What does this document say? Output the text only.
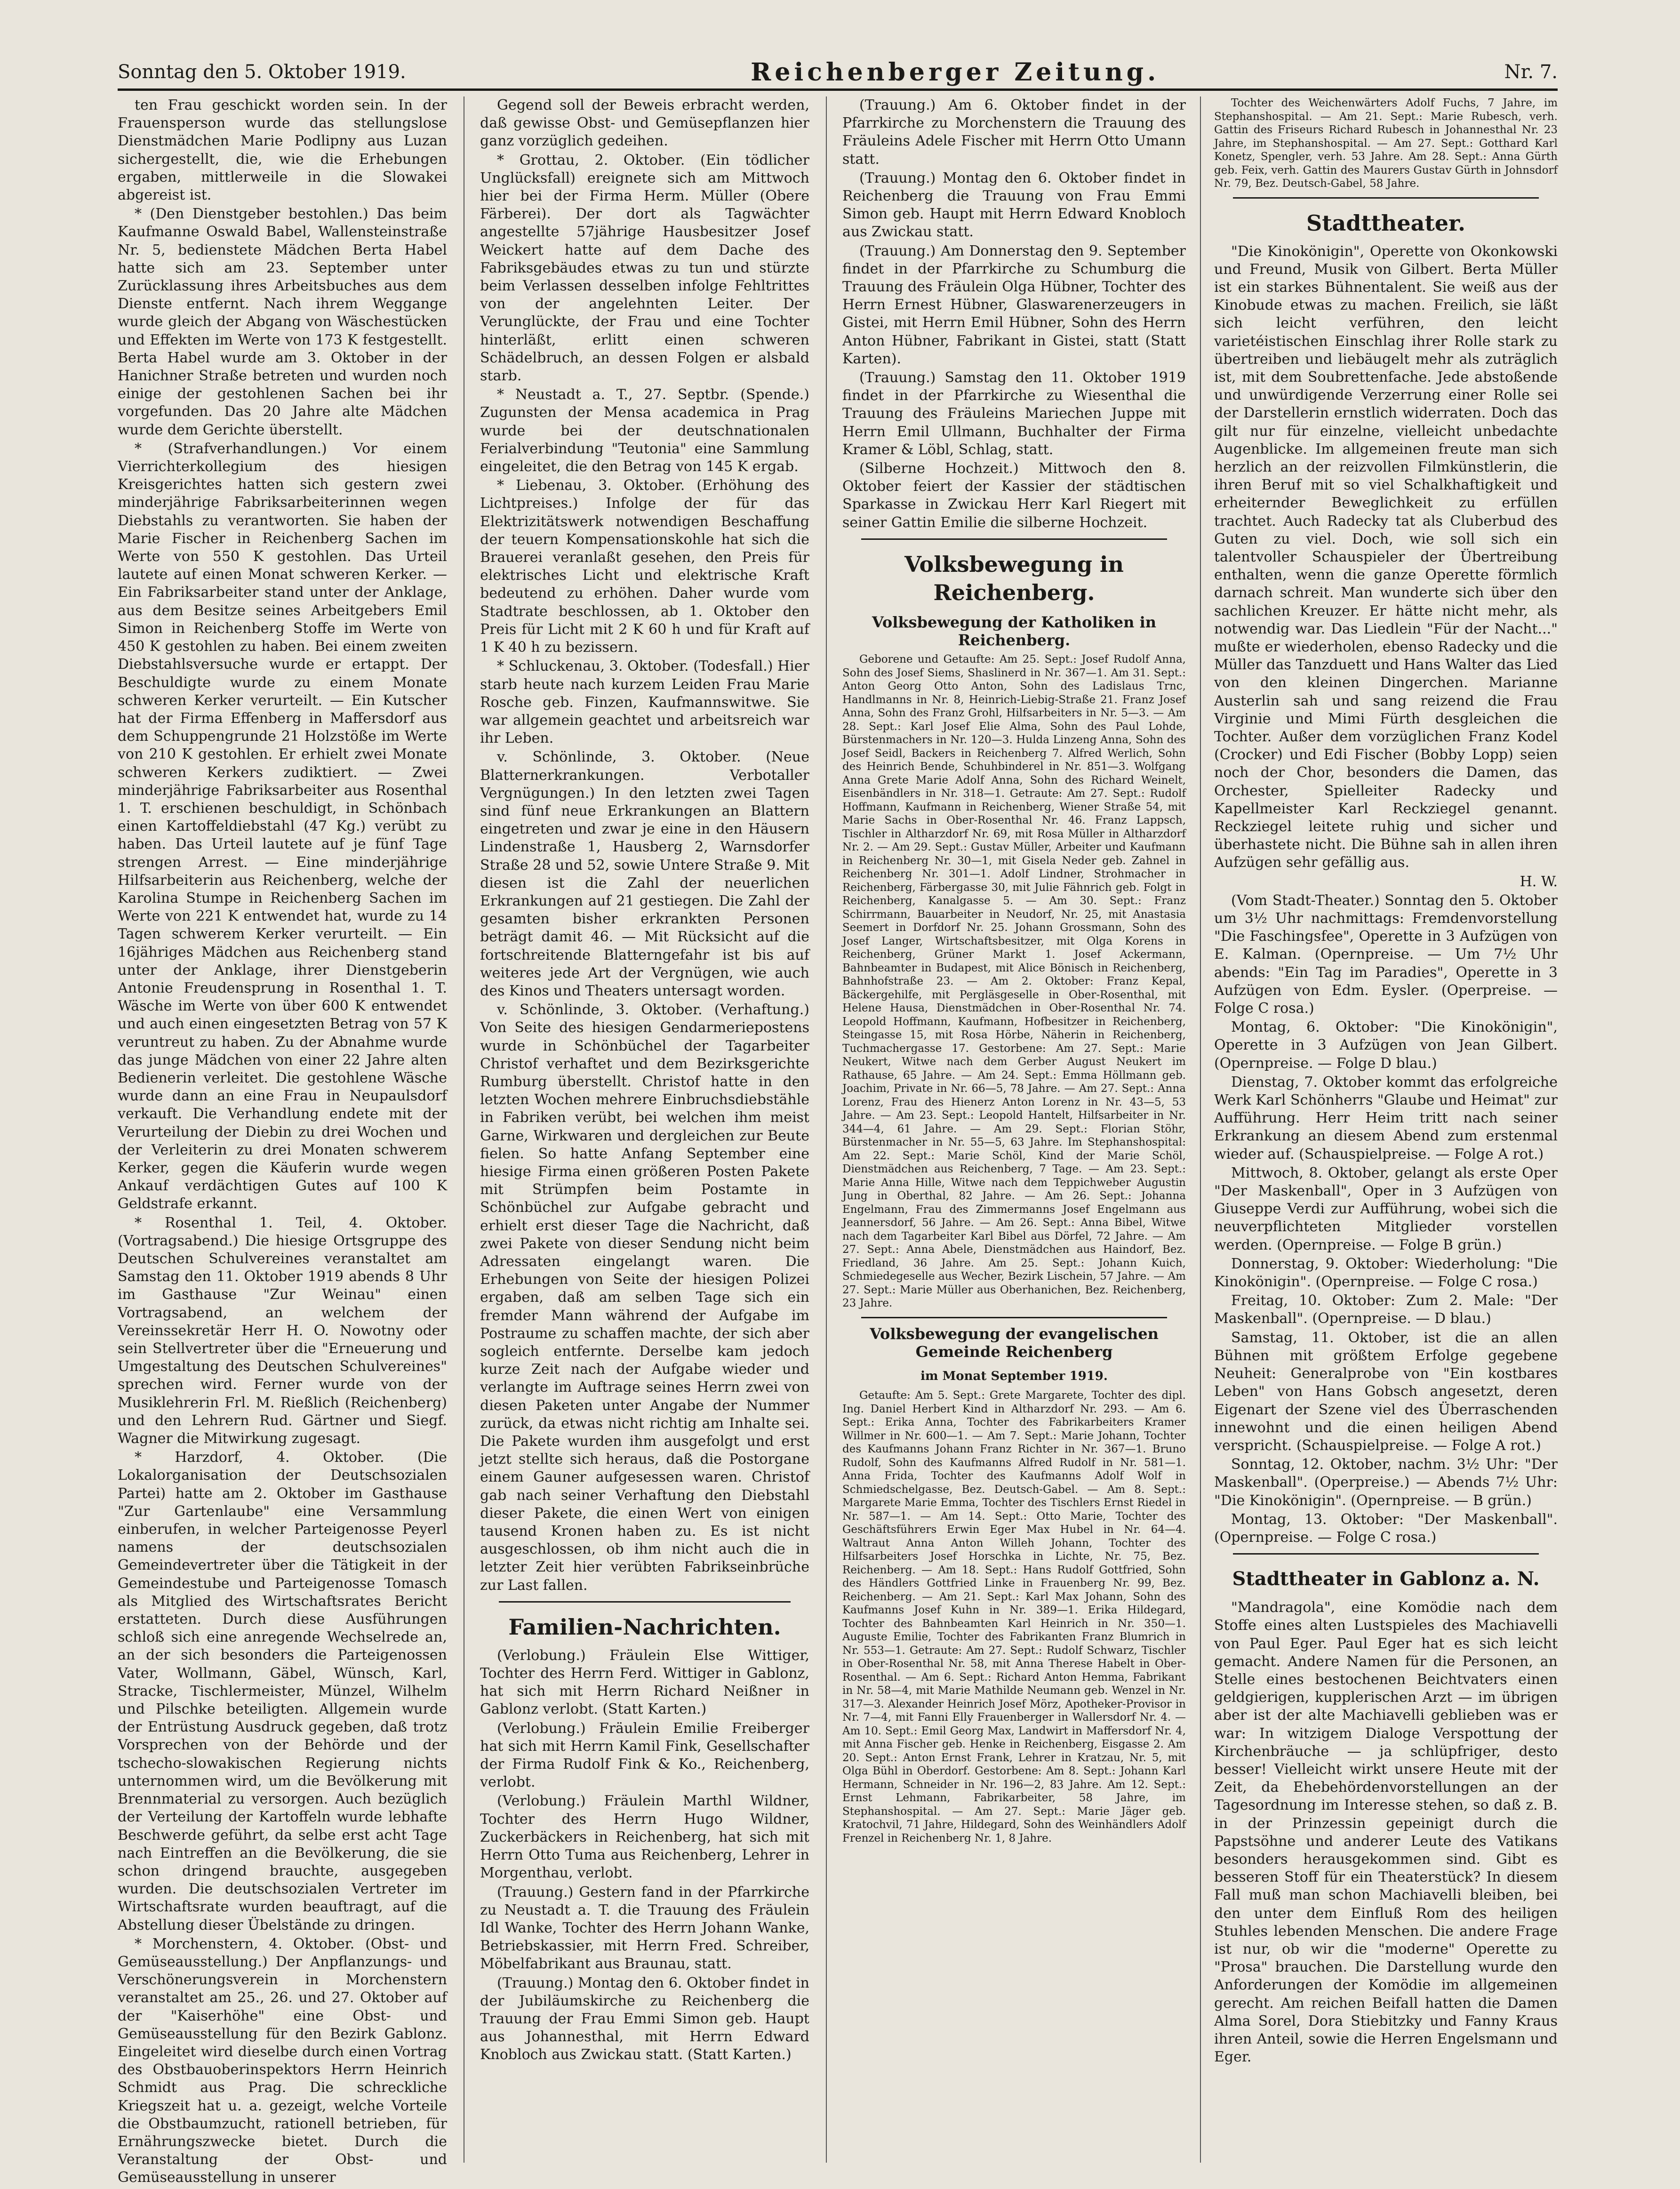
Sonntag den 5. Oktober 1919.	Reichenberger Zeitung.	Nr. 7.

ten Frau geschickt worden sein. In der Frauensperson wurde das stellungslose Dienstmädchen Marie Podlipny aus Luzan sichergestellt, die, wie die Erhebungen ergaben, mittlerweile in die Slowakei abgereist ist.

* (Den Dienstgeber bestohlen.) Das beim Kaufmanne Oswald Babel, Wallensteinstraße Nr. 5, bedienstete Mädchen Berta Habel hatte sich am 23. September unter Zurücklassung ihres Arbeitsbuches aus dem Dienste entfernt. Nach ihrem Weggange wurde gleich der Abgang von Wäschestücken und Effekten im Werte von 173 K festgestellt. Berta Habel wurde am 3. Oktober in der Hanichner Straße betreten und wurden noch einige der gestohlenen Sachen bei ihr vorgefunden. Das 20 Jahre alte Mädchen wurde dem Gerichte überstellt.

* (Strafverhandlungen.) Vor einem Vierrichterkollegium des hiesigen Kreisgerichtes hatten sich gestern zwei minderjährige Fabriksarbeiterinnen wegen Diebstahls zu verantworten. Sie haben der Marie Fischer in Reichenberg Sachen im Werte von 550 K gestohlen. Das Urteil lautete auf einen Monat schweren Kerker. — Ein Fabriksarbeiter stand unter der Anklage, aus dem Besitze seines Arbeitgebers Emil Simon in Reichenberg Stoffe im Werte von 450 K gestohlen zu haben. Bei einem zweiten Diebstahlsversuche wurde er ertappt. Der Beschuldigte wurde zu einem Monate schweren Kerker verurteilt. — Ein Kutscher hat der Firma Effenberg in Maffersdorf aus dem Schuppengrunde 21 Holzstöße im Werte von 210 K gestohlen. Er erhielt zwei Monate schweren Kerkers zudiktiert. — Zwei minderjährige Fabriksarbeiter aus Rosenthal 1. T. erschienen beschuldigt, in Schönbach einen Kartoffeldiebstahl (47 Kg.) verübt zu haben. Das Urteil lautete auf je fünf Tage strengen Arrest. — Eine minderjährige Hilfsarbeiterin aus Reichenberg, welche der Karolina Stumpe in Reichenberg Sachen im Werte von 221 K entwendet hat, wurde zu 14 Tagen schwerem Kerker verurteilt. — Ein 16jähriges Mädchen aus Reichenberg stand unter der Anklage, ihrer Dienstgeberin Antonie Freudensprung in Rosenthal 1. T. Wäsche im Werte von über 600 K entwendet und auch einen eingesetzten Betrag von 57 K veruntreut zu haben. Zu der Abnahme wurde das junge Mädchen von einer 22 Jahre alten Bedienerin verleitet. Die gestohlene Wäsche wurde dann an eine Frau in Neupaulsdorf verkauft. Die Verhandlung endete mit der Verurteilung der Diebin zu drei Wochen und der Verleiterin zu drei Monaten schwerem Kerker, gegen die Käuferin wurde wegen Ankauf verdächtigen Gutes auf 100 K Geldstrafe erkannt.

* Rosenthal 1. Teil, 4. Oktober. (Vortragsabend.) Die hiesige Ortsgruppe des Deutschen Schulvereines veranstaltet am Samstag den 11. Oktober 1919 abends 8 Uhr im Gasthause "Zur Weinau" einen Vortragsabend, an welchem der Vereinssekretär Herr H. O. Nowotny oder sein Stellvertreter über die "Erneuerung und Umgestaltung des Deutschen Schulvereines" sprechen wird. Ferner wurde von der Musiklehrerin Frl. M. Rießlich (Reichenberg) und den Lehrern Rud. Gärtner und Siegf. Wagner die Mitwirkung zugesagt.

* Harzdorf, 4. Oktober. (Die Lokalorganisation der Deutschsozialen Partei) hatte am 2. Oktober im Gasthause "Zur Gartenlaube" eine Versammlung einberufen, in welcher Parteigenosse Peyerl namens der deutschsozialen Gemeindevertreter über die Tätigkeit in der Gemeindestube und Parteigenosse Tomasch als Mitglied des Wirtschaftsrates Bericht erstatteten. Durch diese Ausführungen schloß sich eine anregende Wechselrede an, an der sich besonders die Parteigenossen Vater, Wollmann, Gäbel, Wünsch, Karl, Stracke, Tischlermeister, Münzel, Wilhelm und Pilschke beteiligten. Allgemein wurde der Entrüstung Ausdruck gegeben, daß trotz Vorsprechen von der Behörde und der tschecho-slowakischen Regierung nichts unternommen wird, um die Bevölkerung mit Brennmaterial zu versorgen. Auch bezüglich der Verteilung der Kartoffeln wurde lebhafte Beschwerde geführt, da selbe erst acht Tage nach Eintreffen an die Bevölkerung, die sie schon dringend brauchte, ausgegeben wurden. Die deutschsozialen Vertreter im Wirtschaftsrate wurden beauftragt, auf die Abstellung dieser Übelstände zu dringen.

* Morchenstern, 4. Oktober. (Obst- und Gemüseausstellung.) Der Anpflanzungs- und Verschönerungsverein in Morchenstern veranstaltet am 25., 26. und 27. Oktober auf der "Kaiserhöhe" eine Obst- und Gemüseausstellung für den Bezirk Gablonz. Eingeleitet wird dieselbe durch einen Vortrag des Obstbauoberinspektors Herrn Heinrich Schmidt aus Prag. Die schreckliche Kriegszeit hat u. a. gezeigt, welche Vorteile die Obstbaumzucht, rationell betrieben, für Ernährungszwecke bietet. Durch die Veranstaltung der Obst- und Gemüseausstellung in unserer

Gegend soll der Beweis erbracht werden, daß gewisse Obst- und Gemüsepflanzen hier ganz vorzüglich gedeihen.

* Grottau, 2. Oktober. (Ein tödlicher Unglücksfall) ereignete sich am Mittwoch hier bei der Firma Herm. Müller (Obere Färberei). Der dort als Tagwächter angestellte 57jährige Hausbesitzer Josef Weickert hatte auf dem Dache des Fabriksgebäudes etwas zu tun und stürzte beim Verlassen desselben infolge Fehltrittes von der angelehnten Leiter. Der Verunglückte, der Frau und eine Tochter hinterläßt, erlitt einen schweren Schädelbruch, an dessen Folgen er alsbald starb.

* Neustadt a. T., 27. Septbr. (Spende.) Zugunsten der Mensa academica in Prag wurde bei der deutschnationalen Ferialverbindung "Teutonia" eine Sammlung eingeleitet, die den Betrag von 145 K ergab.

* Liebenau, 3. Oktober. (Erhöhung des Lichtpreises.) Infolge der für das Elektrizitätswerk notwendigen Beschaffung der teuern Kompensationskohle hat sich die Brauerei veranlaßt gesehen, den Preis für elektrisches Licht und elektrische Kraft bedeutend zu erhöhen. Daher wurde vom Stadtrate beschlossen, ab 1. Oktober den Preis für Licht mit 2 K 60 h und für Kraft auf 1 K 40 h zu bezissern.

* Schluckenau, 3. Oktober. (Todesfall.) Hier starb heute nach kurzem Leiden Frau Marie Rosche geb. Finzen, Kaufmannswitwe. Sie war allgemein geachtet und arbeitsreich war ihr Leben.

v. Schönlinde, 3. Oktober. (Neue Blatternerkrankungen. Verbotaller Vergnügungen.) In den letzten zwei Tagen sind fünf neue Erkrankungen an Blattern eingetreten und zwar je eine in den Häusern Lindenstraße 1, Hausberg 2, Warnsdorfer Straße 28 und 52, sowie Untere Straße 9. Mit diesen ist die Zahl der neuerlichen Erkrankungen auf 21 gestiegen. Die Zahl der gesamten bisher erkrankten Personen beträgt damit 46. — Mit Rücksicht auf die fortschreitende Blatterngefahr ist bis auf weiteres jede Art der Vergnügen, wie auch des Kinos und Theaters untersagt worden.

v. Schönlinde, 3. Oktober. (Verhaftung.) Von Seite des hiesigen Gendarmeriepostens wurde in Schönbüchel der Tagarbeiter Christof verhaftet und dem Bezirksgerichte Rumburg überstellt. Christof hatte in den letzten Wochen mehrere Einbruchsdiebstähle in Fabriken verübt, bei welchen ihm meist Garne, Wirkwaren und dergleichen zur Beute fielen. So hatte Anfang September eine hiesige Firma einen größeren Posten Pakete mit Strümpfen beim Postamte in Schönbüchel zur Aufgabe gebracht und erhielt erst dieser Tage die Nachricht, daß zwei Pakete von dieser Sendung nicht beim Adressaten eingelangt waren. Die Erhebungen von Seite der hiesigen Polizei ergaben, daß am selben Tage sich ein fremder Mann während der Aufgabe im Postraume zu schaffen machte, der sich aber sogleich entfernte. Derselbe kam jedoch kurze Zeit nach der Aufgabe wieder und verlangte im Auftrage seines Herrn zwei von diesen Paketen unter Angabe der Nummer zurück, da etwas nicht richtig am Inhalte sei. Die Pakete wurden ihm ausgefolgt und erst jetzt stellte sich heraus, daß die Postorgane einem Gauner aufgesessen waren. Christof gab nach seiner Verhaftung den Diebstahl dieser Pakete, die einen Wert von einigen tausend Kronen haben zu. Es ist nicht ausgeschlossen, ob ihm nicht auch die in letzter Zeit hier verübten Fabrikseinbrüche zur Last fallen.

Familien-Nachrichten.

(Verlobung.) Fräulein Else Wittiger, Tochter des Herrn Ferd. Wittiger in Gablonz, hat sich mit Herrn Richard Neißner in Gablonz verlobt. (Statt Karten.)

(Verlobung.) Fräulein Emilie Freiberger hat sich mit Herrn Kamil Fink, Gesellschafter der Firma Rudolf Fink & Ko., Reichenberg, verlobt.

(Verlobung.) Fräulein Marthl Wildner, Tochter des Herrn Hugo Wildner, Zuckerbäckers in Reichenberg, hat sich mit Herrn Otto Tuma aus Reichenberg, Lehrer in Morgenthau, verlobt.

(Trauung.) Gestern fand in der Pfarrkirche zu Neustadt a. T. die Trauung des Fräulein Idl Wanke, Tochter des Herrn Johann Wanke, Betriebskassier, mit Herrn Fred. Schreiber, Möbelfabrikant aus Braunau, statt.

(Trauung.) Montag den 6. Oktober findet in der Jubiläumskirche zu Reichenberg die Trauung der Frau Emmi Simon geb. Haupt aus Johannesthal, mit Herrn Edward Knobloch aus Zwickau statt. (Statt Karten.)

(Trauung.) Am 6. Oktober findet in der Pfarrkirche zu Morchenstern die Trauung des Fräuleins Adele Fischer mit Herrn Otto Umann statt.

(Trauung.) Montag den 6. Oktober findet in Reichenberg die Trauung von Frau Emmi Simon geb. Haupt mit Herrn Edward Knobloch aus Zwickau statt.

(Trauung.) Am Donnerstag den 9. September findet in der Pfarrkirche zu Schumburg die Trauung des Fräulein Olga Hübner, Tochter des Herrn Ernest Hübner, Glaswarenerzeugers in Gistei, mit Herrn Emil Hübner, Sohn des Herrn Anton Hübner, Fabrikant in Gistei, statt (Statt Karten).

(Trauung.) Samstag den 11. Oktober 1919 findet in der Pfarrkirche zu Wiesenthal die Trauung des Fräuleins Mariechen Juppe mit Herrn Emil Ullmann, Buchhalter der Firma Kramer & Löbl, Schlag, statt.

(Silberne Hochzeit.) Mittwoch den 8. Oktober feiert der Kassier der städtischen Sparkasse in Zwickau Herr Karl Riegert mit seiner Gattin Emilie die silberne Hochzeit.

Volksbewegung in Reichenberg.
Volksbewegung der Katholiken in Reichenberg.

Geborene und Getaufte: Am 25. Sept.: Josef Rudolf Anna, Sohn des Josef Siems, Shaslinerd in Nr. 367—1. Am 31. Sept.: Anton Georg Otto Anton, Sohn des Ladislaus Trnc, Handlmanns in Nr. 8, Heinrich-Liebig-Straße 21. Franz Josef Anna, Sohn des Franz Grohl, Hilfsarbeiters in Nr. 5—3. — Am 28. Sept.: Karl Josef Elie Alma, Sohn des Paul Lohde, Bürstenmachers in Nr. 120—3. Hulda Linzeng Anna, Sohn des Josef Seidl, Backers in Reichenberg 7. Alfred Werlich, Sohn des Heinrich Bende, Schuhbinderel in Nr. 851—3. Wolfgang Anna Grete Marie Adolf Anna, Sohn des Richard Weinelt, Eisenbändlers in Nr. 318—1. Getraute: Am 27. Sept.: Rudolf Hoffmann, Kaufmann in Reichenberg, Wiener Straße 54, mit Marie Sachs in Ober-Rosenthal Nr. 46. Franz Lappsch, Tischler in Altharzdorf Nr. 69, mit Rosa Müller in Altharzdorf Nr. 2. — Am 29. Sept.: Gustav Müller, Arbeiter und Kaufmann in Reichenberg Nr. 30—1, mit Gisela Neder geb. Zahnel in Reichenberg Nr. 301—1. Adolf Lindner, Strohmacher in Reichenberg, Färbergasse 30, mit Julie Fähnrich geb. Folgt in Reichenberg, Kanalgasse 5. — Am 30. Sept.: Franz Schirrmann, Bauarbeiter in Neudorf, Nr. 25, mit Anastasia Seemert in Dorfdorf Nr. 25. Johann Grossmann, Sohn des Josef Langer, Wirtschaftsbesitzer, mit Olga Korens in Reichenberg, Grüner Markt 1. Josef Ackermann, Bahnbeamter in Budapest, mit Alice Bönisch in Reichenberg, Bahnhofstraße 23. — Am 2. Oktober: Franz Kepal, Bäckergehilfe, mit Pergläsgeselle in Ober-Rosenthal, mit Helene Hausa, Dienstmädchen in Ober-Rosenthal Nr. 74. Leopold Hoffmann, Kaufmann, Hofbesitzer in Reichenberg, Steingasse 15, mit Rosa Hörbe, Näherin in Reichenberg, Tuchmachergasse 17. Gestorbene: Am 27. Sept.: Marie Neukert, Witwe nach dem Gerber August Neukert im Rathause, 65 Jahre. — Am 24. Sept.: Emma Höllmann geb. Joachim, Private in Nr. 66—5, 78 Jahre. — Am 27. Sept.: Anna Lorenz, Frau des Hienerz Anton Lorenz in Nr. 43—5, 53 Jahre. — Am 23. Sept.: Leopold Hantelt, Hilfsarbeiter in Nr. 344—4, 61 Jahre. — Am 29. Sept.: Florian Stöhr, Bürstenmacher in Nr. 55—5, 63 Jahre. Im Stephanshospital: Am 22. Sept.: Marie Schöl, Kind der Marie Schöl, Dienstmädchen aus Reichenberg, 7 Tage. — Am 23. Sept.: Marie Anna Hille, Witwe nach dem Teppichweber Augustin Jung in Oberthal, 82 Jahre. — Am 26. Sept.: Johanna Engelmann, Frau des Zimmermanns Josef Engelmann aus Jeannersdorf, 56 Jahre. — Am 26. Sept.: Anna Bibel, Witwe nach dem Tagarbeiter Karl Bibel aus Dörfel, 72 Jahre. — Am 27. Sept.: Anna Abele, Dienstmädchen aus Haindorf, Bez. Friedland, 36 Jahre. Am 25. Sept.: Johann Kuich, Schmiedegeselle aus Wecher, Bezirk Lischein, 57 Jahre. — Am 27. Sept.: Marie Müller aus Oberhanichen, Bez. Reichenberg, 23 Jahre.

Volksbewegung der evangelischen Gemeinde Reichenberg
im Monat September 1919.

Getaufte: Am 5. Sept.: Grete Margarete, Tochter des dipl. Ing. Daniel Herbert Kind in Altharzdorf Nr. 293. — Am 6. Sept.: Erika Anna, Tochter des Fabrikarbeiters Kramer Willmer in Nr. 600—1. — Am 7. Sept.: Marie Johann, Tochter des Kaufmanns Johann Franz Richter in Nr. 367—1. Bruno Rudolf, Sohn des Kaufmanns Alfred Rudolf in Nr. 581—1. Anna Frida, Tochter des Kaufmanns Adolf Wolf in Schmiedschelgasse, Bez. Deutsch-Gabel. — Am 8. Sept.: Margarete Marie Emma, Tochter des Tischlers Ernst Riedel in Nr. 587—1. — Am 14. Sept.: Otto Marie, Tochter des Geschäftsführers Erwin Eger Max Hubel in Nr. 64—4. Waltraut Anna Anton Willeh Johann, Tochter des Hilfsarbeiters Josef Horschka in Lichte, Nr. 75, Bez. Reichenberg. — Am 18. Sept.: Hans Rudolf Gottfried, Sohn des Händlers Gottfried Linke in Frauenberg Nr. 99, Bez. Reichenberg. — Am 21. Sept.: Karl Max Johann, Sohn des Kaufmanns Josef Kuhn in Nr. 389—1. Erika Hildegard, Tochter des Bahnbeamten Karl Heinrich in Nr. 350—1. Auguste Emilie, Tochter des Fabrikanten Franz Blumrich in Nr. 553—1. Getraute: Am 27. Sept.: Rudolf Schwarz, Tischler in Ober-Rosenthal Nr. 58, mit Anna Therese Habelt in Ober-Rosenthal. — Am 6. Sept.: Richard Anton Hemma, Fabrikant in Nr. 58—4, mit Marie Mathilde Neumann geb. Wenzel in Nr. 317—3. Alexander Heinrich Josef Mörz, Apotheker-Provisor in Nr. 7—4, mit Fanni Elly Frauenberger in Wallersdorf Nr. 4. — Am 10. Sept.: Emil Georg Max, Landwirt in Maffersdorf Nr. 4, mit Anna Fischer geb. Henke in Reichenberg, Eisgasse 2. Am 20. Sept.: Anton Ernst Frank, Lehrer in Kratzau, Nr. 5, mit Olga Bühl in Oberdorf. Gestorbene: Am 8. Sept.: Johann Karl Hermann, Schneider in Nr. 196—2, 83 Jahre. Am 12. Sept.: Ernst Lehmann, Fabrikarbeiter, 58 Jahre, im Stephanshospital. — Am 27. Sept.: Marie Jäger geb. Kratochvil, 71 Jahre, Hildegard, Sohn des Weinhändlers Adolf Frenzel in Reichenberg Nr. 1, 8 Jahre.

Tochter des Weichenwärters Adolf Fuchs, 7 Jahre, im Stephanshospital. — Am 21. Sept.: Marie Rubesch, verh. Gattin des Friseurs Richard Rubesch in Johannesthal Nr. 23 Jahre, im Stephanshospital. — Am 27. Sept.: Gotthard Karl Konetz, Spengler, verh. 53 Jahre. Am 28. Sept.: Anna Gürth geb. Feix, verh. Gattin des Maurers Gustav Gürth in Johnsdorf Nr. 79, Bez. Deutsch-Gabel, 58 Jahre.

Stadttheater.

"Die Kinokönigin", Operette von Okonkowski und Freund, Musik von Gilbert. Berta Müller ist ein starkes Bühnentalent. Sie weiß aus der Kinobude etwas zu machen. Freilich, sie läßt sich leicht verführen, den leicht varietéistischen Einschlag ihrer Rolle stark zu übertreiben und liebäugelt mehr als zuträglich ist, mit dem Soubrettenfache. Jede abstoßende und unwürdigende Verzerrung einer Rolle sei der Darstellerin ernstlich widerraten. Doch das gilt nur für einzelne, vielleicht unbedachte Augenblicke. Im allgemeinen freute man sich herzlich an der reizvollen Filmkünstlerin, die ihren Beruf mit so viel Schalkhaftigkeit und erheiternder Beweglichkeit zu erfüllen trachtet. Auch Radecky tat als Cluberbud des Guten zu viel. Doch, wie soll sich ein talentvoller Schauspieler der Übertreibung enthalten, wenn die ganze Operette förmlich darnach schreit. Man wunderte sich über den sachlichen Kreuzer. Er hätte nicht mehr, als notwendig war. Das Liedlein "Für der Nacht..." mußte er wiederholen, ebenso Radecky und die Müller das Tanzduett und Hans Walter das Lied von den kleinen Dingerchen. Marianne Austerlin sah und sang reizend die Frau Virginie und Mimi Fürth desgleichen die Tochter. Außer dem vorzüglichen Franz Kodel (Crocker) und Edi Fischer (Bobby Lopp) seien noch der Chor, besonders die Damen, das Orchester, Spielleiter Radecky und Kapellmeister Karl Reckziegel genannt. Reckziegel leitete ruhig und sicher und überhastete nicht. Die Bühne sah in allen ihren Aufzügen sehr gefällig aus.

H. W.

(Vom Stadt-Theater.) Sonntag den 5. Oktober um 3½ Uhr nachmittags: Fremdenvorstellung "Die Faschingsfee", Operette in 3 Aufzügen von E. Kalman. (Opernpreise. — Um 7½ Uhr abends: "Ein Tag im Paradies", Operette in 3 Aufzügen von Edm. Eysler. (Operpreise. — Folge C rosa.)

Montag, 6. Oktober: "Die Kinokönigin", Operette in 3 Aufzügen von Jean Gilbert. (Opernpreise. — Folge D blau.)

Dienstag, 7. Oktober kommt das erfolgreiche Werk Karl Schönherrs "Glaube und Heimat" zur Aufführung. Herr Heim tritt nach seiner Erkrankung an diesem Abend zum erstenmal wieder auf. (Schauspielpreise. — Folge A rot.)

Mittwoch, 8. Oktober, gelangt als erste Oper "Der Maskenball", Oper in 3 Aufzügen von Giuseppe Verdi zur Aufführung, wobei sich die neuverpflichteten Mitglieder vorstellen werden. (Opernpreise. — Folge B grün.)

Donnerstag, 9. Oktober: Wiederholung: "Die Kinokönigin". (Opernpreise. — Folge C rosa.)

Freitag, 10. Oktober: Zum 2. Male: "Der Maskenball". (Opernpreise. — D blau.)

Samstag, 11. Oktober, ist die an allen Bühnen mit größtem Erfolge gegebene Neuheit: Generalprobe von "Ein kostbares Leben" von Hans Gobsch angesetzt, deren Eigenart der Szene viel des Überraschenden innewohnt und die einen heiligen Abend verspricht. (Schauspielpreise. — Folge A rot.)

Sonntag, 12. Oktober, nachm. 3½ Uhr: "Der Maskenball". (Operpreise.) — Abends 7½ Uhr: "Die Kinokönigin". (Opernpreise. — B grün.)

Montag, 13. Oktober: "Der Maskenball". (Opernpreise. — Folge C rosa.)

Stadttheater in Gablonz a. N.

"Mandragola", eine Komödie nach dem Stoffe eines alten Lustspieles des Machiavelli von Paul Eger. Paul Eger hat es sich leicht gemacht. Andere Namen für die Personen, an Stelle eines bestochenen Beichtvaters einen geldgierigen, kupplerischen Arzt — im übrigen aber ist der alte Machiavelli geblieben was er war: In witzigem Dialoge Verspottung der Kirchenbräuche — ja schlüpfriger, desto besser! Vielleicht wirkt unsere Heute mit der Zeit, da Ehebehördenvorstellungen an der Tagesordnung im Interesse stehen, so daß z. B. in der Prinzessin gepeinigt durch die Papstsöhne und anderer Leute des Vatikans besonders herausgekommen sind. Gibt es besseren Stoff für ein Theaterstück? In diesem Fall muß man schon Machiavelli bleiben, bei den unter dem Einfluß Rom des heiligen Stuhles lebenden Menschen. Die andere Frage ist nur, ob wir die "moderne" Operette zu "Prosa" brauchen. Die Darstellung wurde den Anforderungen der Komödie im allgemeinen gerecht. Am reichen Beifall hatten die Damen Alma Sorel, Dora Stiebitzky und Fanny Kraus ihren Anteil, sowie die Herren Engelsmann und Eger.
